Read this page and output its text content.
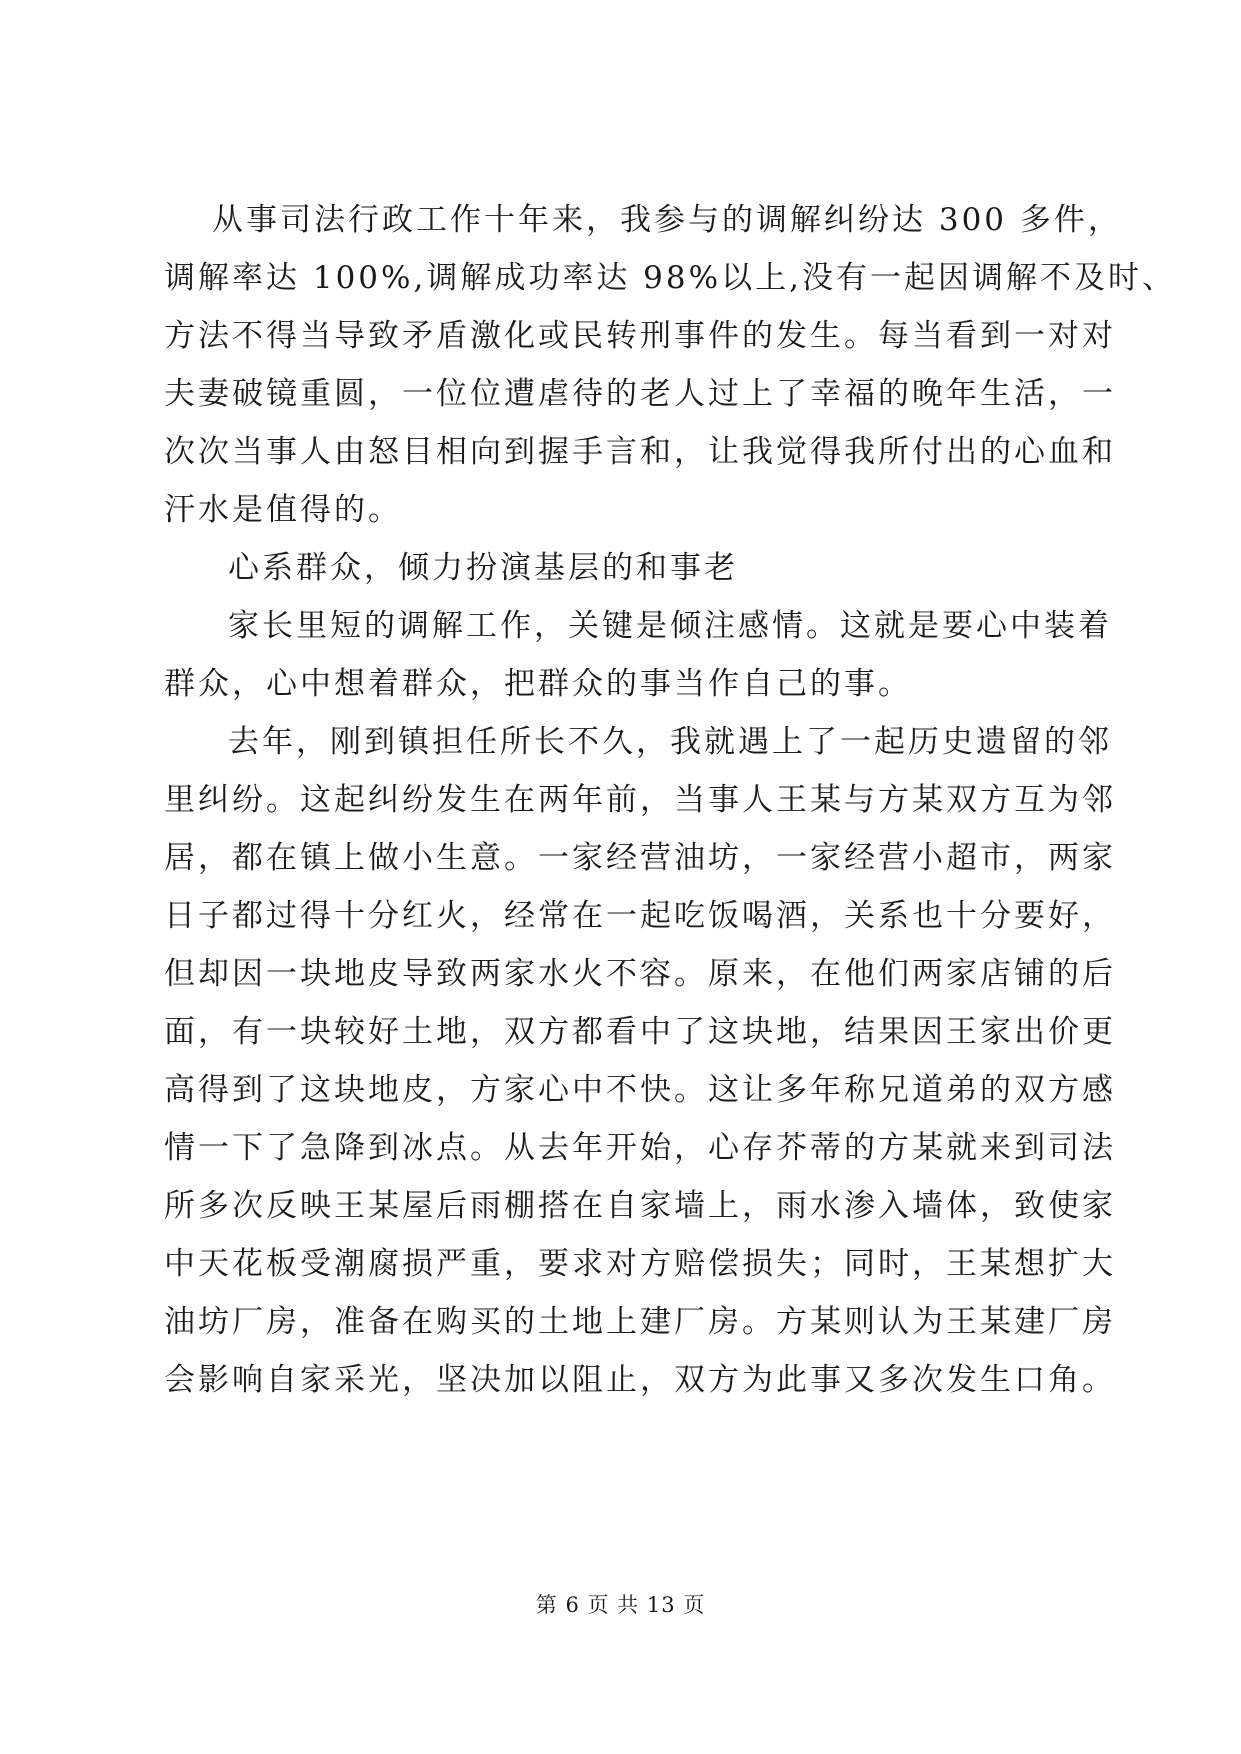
从事司法行政工作十年来，我参与的调解纠纷达 300 多件，
调解率达 100%,调解成功率达 98%以上,没有一起因调解不及时、
方法不得当导致矛盾激化或民转刑事件的发生。每当看到一对对
夫妻破镜重圆，一位位遭虐待的老人过上了幸福的晚年生活，一
次次当事人由怒目相向到握手言和，让我觉得我所付出的心血和
汗水是值得的。
心系群众，倾力扮演基层的和事老
家长里短的调解工作，关键是倾注感情。这就是要心中装着
群众，心中想着群众，把群众的事当作自己的事。
去年，刚到镇担任所长不久，我就遇上了一起历史遗留的邻
里纠纷。这起纠纷发生在两年前，当事人王某与方某双方互为邻
居，都在镇上做小生意。一家经营油坊，一家经营小超市，两家
日子都过得十分红火，经常在一起吃饭喝酒，关系也十分要好，
但却因一块地皮导致两家水火不容。原来，在他们两家店铺的后
面，有一块较好土地，双方都看中了这块地，结果因王家出价更
高得到了这块地皮，方家心中不快。这让多年称兄道弟的双方感
情一下了急降到冰点。从去年开始，心存芥蒂的方某就来到司法
所多次反映王某屋后雨棚搭在自家墙上，雨水渗入墙体，致使家
中天花板受潮腐损严重，要求对方赔偿损失；同时，王某想扩大
油坊厂房，准备在购买的土地上建厂房。方某则认为王某建厂房
会影响自家采光，坚决加以阻止，双方为此事又多次发生口角。
第 6 页 共 13 页
